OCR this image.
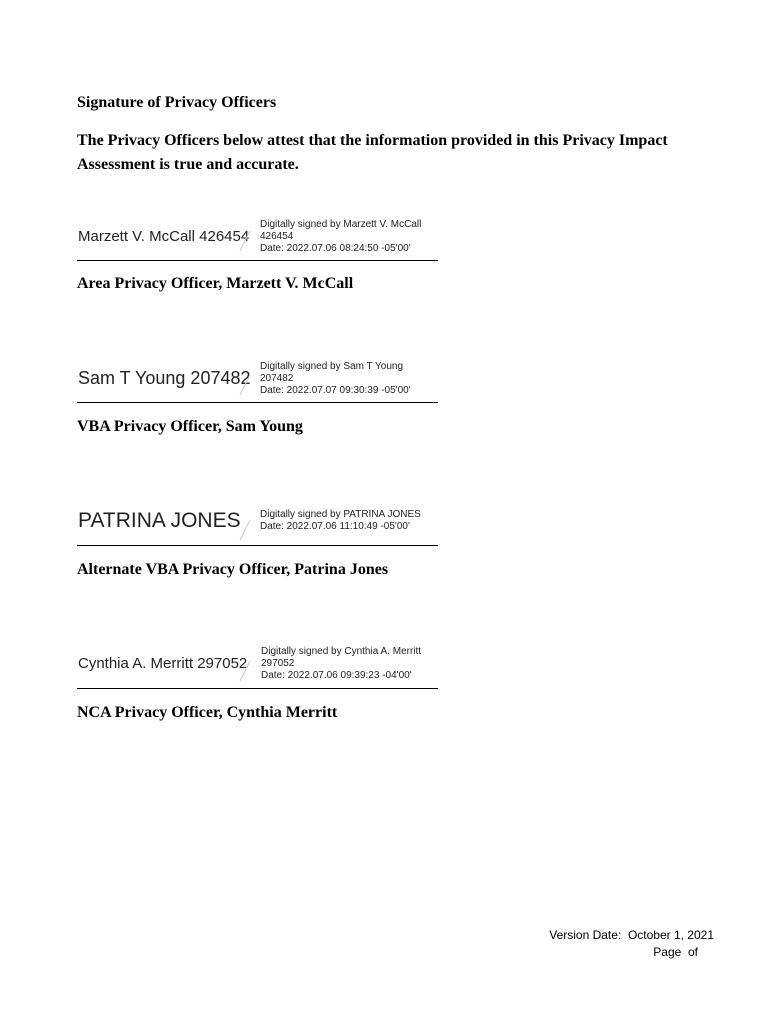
Signature of Privacy Officers

The Privacy Officers below attest that the information provided in this Privacy Impact Assessment is true and accurate.

Marzett V. McCall 426454
Digitally signed by Marzett V. McCall
426454
Date: 2022.07.06 08:24:50 -05'00'
Area Privacy Officer, Marzett V. McCall
Sam T Young 207482
Digitally signed by Sam T Young
207482
Date: 2022.07.07 09:30:39 -05'00'
VBA Privacy Officer, Sam Young
PATRINA JONES Digitally signed by PATRINA JONES
Date: 2022.07.06 11:10:49 -05'00'
Alternate VBA Privacy Officer, Patrina Jones
Cynthia A. Merritt 297052
Digitally signed by Cynthia A. Merritt
297052
Date: 2022.07.06 09:39:23 -04'00'
NCA Privacy Officer, Cynthia Merritt
Version Date:  October 1, 2021
Page  of
